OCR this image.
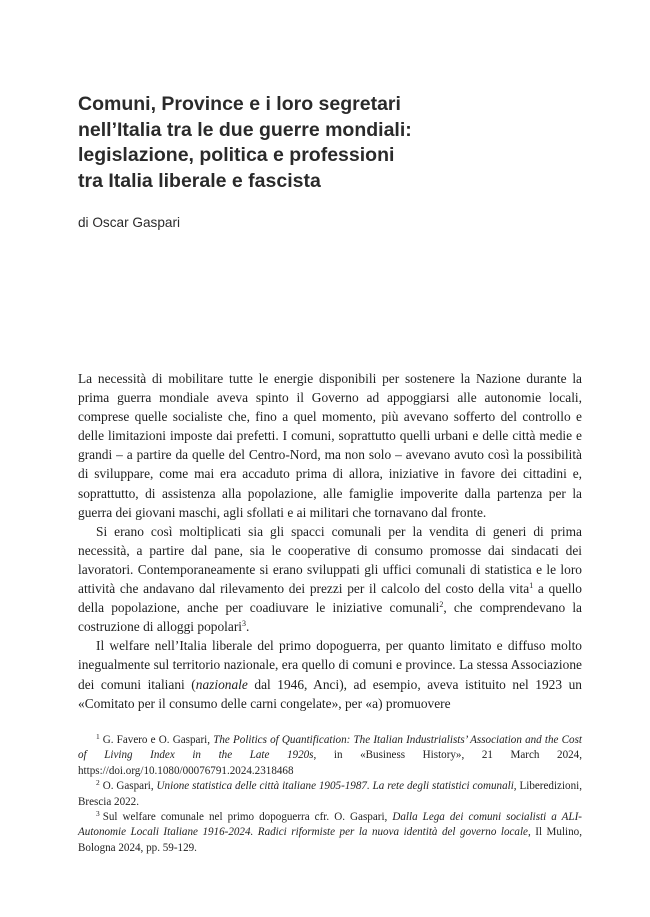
Comuni, Province e i loro segretari
nell’Italia tra le due guerre mondiali:
legislazione, politica e professioni
tra Italia liberale e fascista
di Oscar Gaspari

La necessità di mobilitare tutte le energie disponibili per sostenere la Nazione durante la prima guerra mondiale aveva spinto il Governo ad appoggiarsi alle autonomie locali, comprese quelle socialiste che, fino a quel momento, più avevano sofferto del controllo e delle limitazioni imposte dai prefetti. I comuni, soprattutto quelli urbani e delle città medie e grandi – a partire da quelle del Centro-Nord, ma non solo – avevano avuto così la possibilità di sviluppare, come mai era accaduto prima di allora, iniziative in favore dei cittadini e, soprattutto, di assistenza alla popolazione, alle famiglie impoverite dalla partenza per la guerra dei giovani maschi, agli sfollati e ai militari che tornavano dal fronte.

Si erano così moltiplicati sia gli spacci comunali per la vendita di generi di prima necessità, a partire dal pane, sia le cooperative di consumo promosse dai sindacati dei lavoratori. Contemporaneamente si erano sviluppati gli uffici comunali di statistica e le loro attività che andavano dal rilevamento dei prezzi per il calcolo del costo della vita$^1$ a quello della popolazione, anche per coadiuvare le iniziative comunali$^2$, che comprendevano la costruzione di alloggi popolari$^3$.

Il welfare nell’Italia liberale del primo dopoguerra, per quanto limitato e diffuso molto inegualmente sul territorio nazionale, era quello di comuni e province. La stessa Associazione dei comuni italiani (nazionale dal 1946, Anci), ad esempio, aveva istituito nel 1923 un «Comitato per il consumo delle carni congelate», per «a) promuovere

$^1$ G. Favero e O. Gaspari, The Politics of Quantification: The Italian Industrialists’ Association and the Cost of Living Index in the Late 1920s, in «Business History», 21 March 2024, https://doi.org/10.1080/00076791.2024.2318468

$^2$ O. Gaspari, Unione statistica delle città italiane 1905-1987. La rete degli statistici comunali, Liberedizioni, Brescia 2022.

$^3$ Sul welfare comunale nel primo dopoguerra cfr. O. Gaspari, Dalla Lega dei comuni socialisti a ALI-Autonomie Locali Italiane 1916-2024. Radici riformiste per la nuova identità del governo locale, Il Mulino, Bologna 2024, pp. 59-129.
